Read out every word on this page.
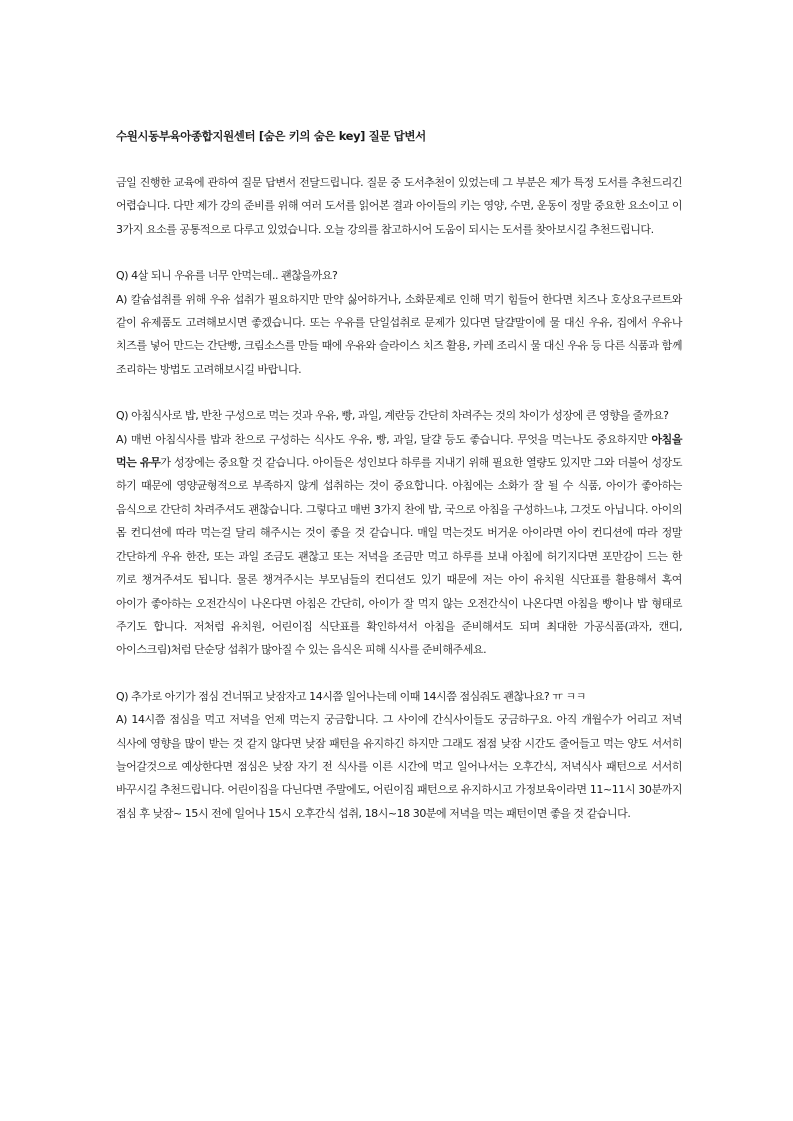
수원시동부육아종합지원센터 [숨은 키의 숨은 key] 질문 답변서

금일 진행한 교육에 관하여 질문 답변서 전달드립니다. 질문 중 도서추천이 있었는데 그 부분은 제가 특정 도서를 추천드리긴 어렵습니다. 다만 제가 강의 준비를 위해 여러 도서를 읽어본 결과 아이들의 키는 영양, 수면, 운동이 정말 중요한 요소이고 이 3가지 요소를 공통적으로 다루고 있었습니다. 오늘 강의를 참고하시어 도움이 되시는 도서를 찾아보시길 추천드립니다.

Q) 4살 되니 우유를 너무 안먹는데.. 괜찮을까요?

A) 칼슘섭취를 위해 우유 섭취가 필요하지만 만약 싫어하거나, 소화문제로 인해 먹기 힘들어 한다면 치즈나 호상요구르트와 같이 유제품도 고려해보시면 좋겠습니다. 또는 우유를 단일섭취로 문제가 있다면 달걀말이에 물 대신 우유, 집에서 우유나 치즈를 넣어 만드는 간단빵, 크림소스를 만들 때에 우유와 슬라이스 치즈 활용, 카레 조리시 물 대신 우유 등 다른 식품과 함께 조리하는 방법도 고려해보시길 바랍니다.

Q) 아침식사로 밥, 반찬 구성으로 먹는 것과 우유, 빵, 과일, 계란등 간단히 차려주는 것의 차이가 성장에 큰 영향을 줄까요?

A) 매번 아침식사를 밥과 찬으로 구성하는 식사도 우유, 빵, 과일, 달걀 등도 좋습니다. 무엇을 먹는나도 중요하지만 아침을 먹는 유무가 성장에는 중요할 것 같습니다. 아이들은 성인보다 하루를 지내기 위해 필요한 열량도 있지만 그와 더불어 성장도 하기 때문에 영양균형적으로 부족하지 않게 섭취하는 것이 중요합니다. 아침에는 소화가 잘 될 수 식품, 아이가 좋아하는 음식으로 간단히 차려주셔도 괜찮습니다. 그렇다고 매번 3가지 찬에 밥, 국으로 아침을 구성하느냐, 그것도 아닙니다. 아이의 몸 컨디션에 따라 먹는걸 달리 해주시는 것이 좋을 것 같습니다. 매일 먹는것도 버거운 아이라면 아이 컨디션에 따라 정말 간단하게 우유 한잔, 또는 과일 조금도 괜찮고 또는 저녁을 조금만 먹고 하루를 보내 아침에 허기지다면 포만감이 드는 한 끼로 챙겨주셔도 됩니다. 물론 챙겨주시는 부모님들의 컨디션도 있기 때문에 저는 아이 유치원 식단표를 활용해서 혹여 아이가 좋아하는 오전간식이 나온다면 아침은 간단히, 아이가 잘 먹지 않는 오전간식이 나온다면 아침을 빵이나 밥 형태로 주기도 합니다. 저처럼 유치원, 어린이집 식단표를 확인하셔서 아침을 준비해셔도 되며 최대한 가공식품(과자, 캔디, 아이스크림)처럼 단순당 섭취가 많아질 수 있는 음식은 피해 식사를 준비해주세요.

Q) 추가로 아기가 점심 건너뛰고 낮잠자고 14시쯤 일어나는데 이때 14시쯤 점심줘도 괜찮나요? ㅠ ㅋㅋ

A) 14시쯤 점심을 먹고 저녁을 언제 먹는지 궁금합니다. 그 사이에 간식사이들도 궁금하구요. 아직 개월수가 어리고 저녁 식사에 영향을 많이 받는 것 같지 않다면 낮잠 패턴을 유지하긴 하지만 그래도 점점 낮잠 시간도 줄어들고 먹는 양도 서서히 늘어갈것으로 예상한다면 점심은 낮잠 자기 전 식사를 이른 시간에 먹고 일어나서는 오후간식, 저녁식사 패턴으로 서서히 바꾸시길 추천드립니다. 어린이집을 다닌다면 주말에도, 어린이집 패턴으로 유지하시고 가정보육이라면 11~11시 30분까지 점심 후 낮잠~ 15시 전에 일어나 15시 오후간식 섭취, 18시~18 30분에 저녁을 먹는 패턴이면 좋을 것 같습니다.
